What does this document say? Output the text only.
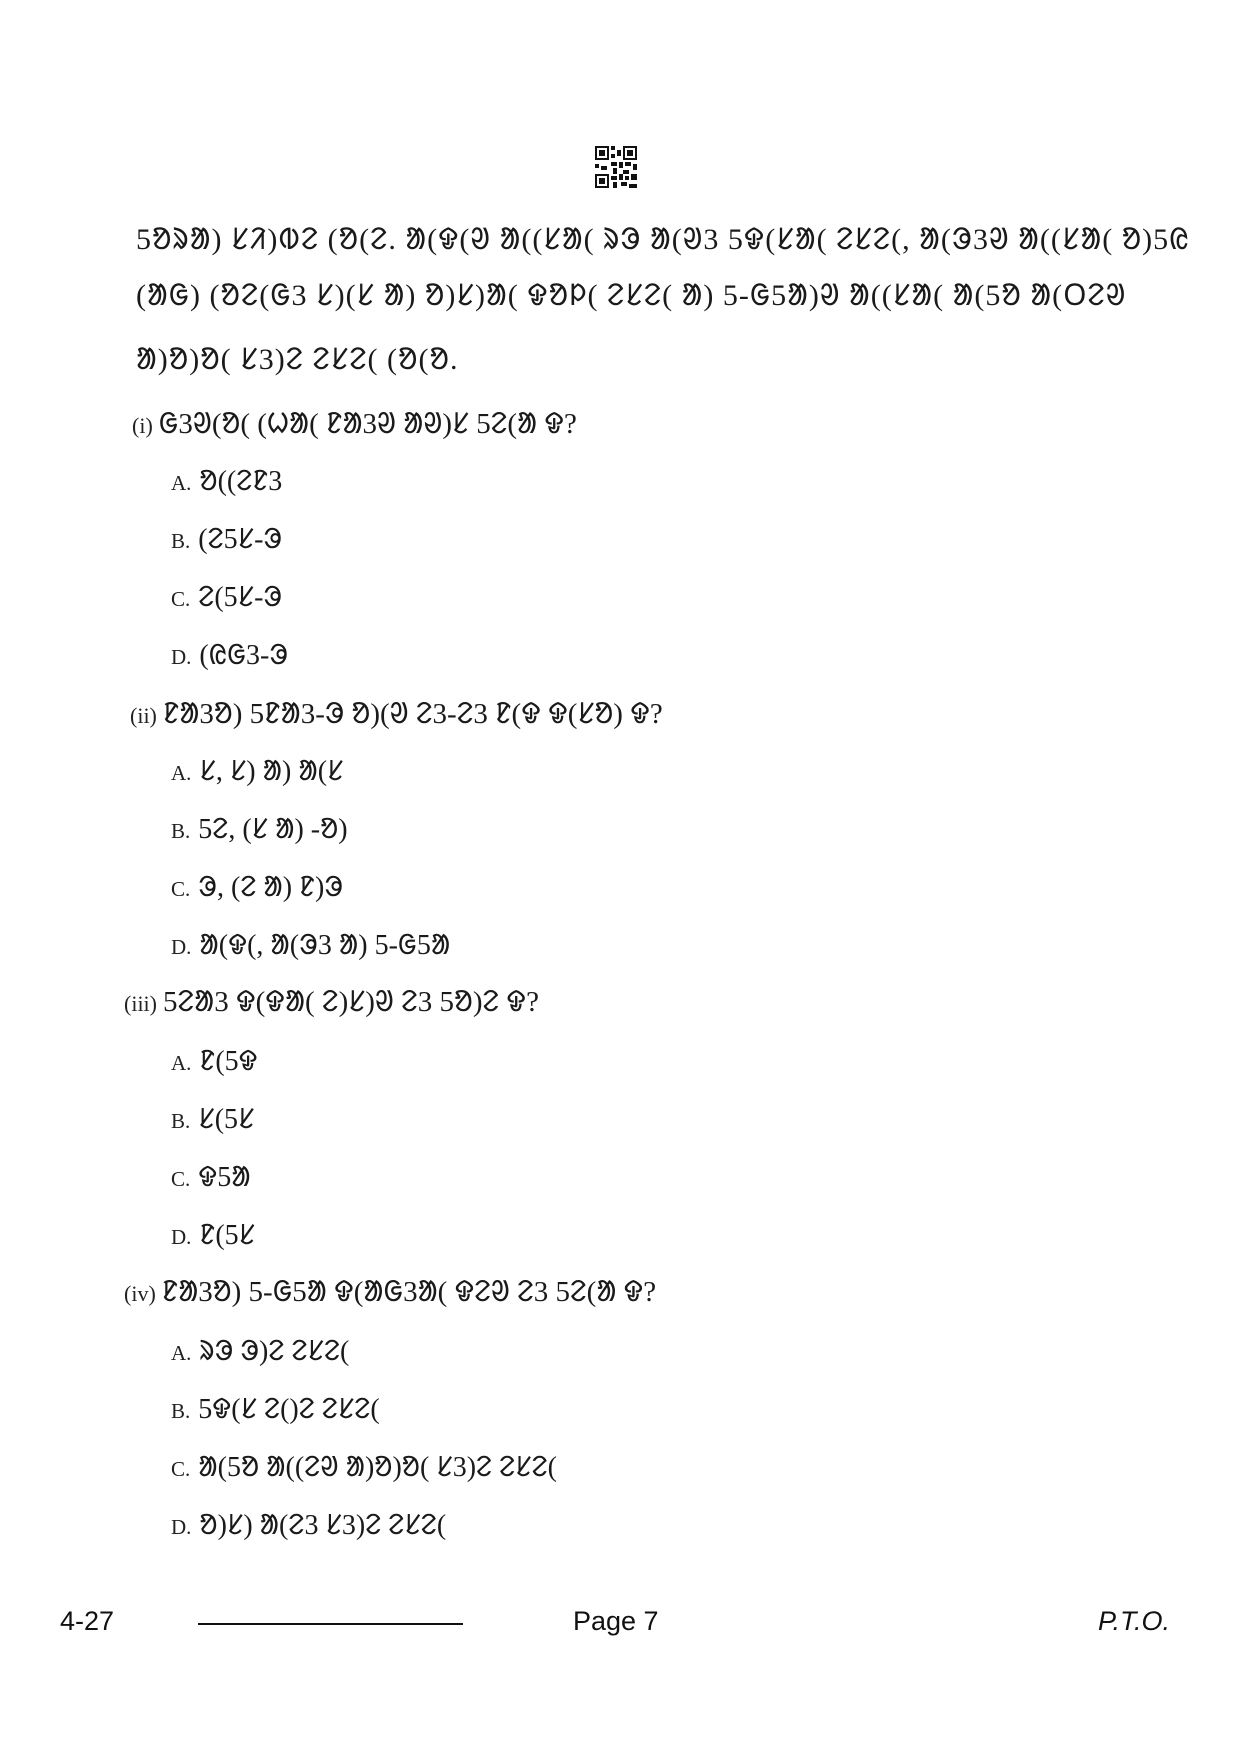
5ᱚᱨᱟ) ᱥᱤ)ᱵᱮ (ᱚ(ᱮ. ᱟ(ᱫ(ᱣ ᱟ((ᱥᱟ( ᱨᱳ ᱟ(ᱣ3 5ᱫ(ᱥᱟ( ᱮᱥᱮ(, ᱟ(ᱳ3ᱣ ᱟ((ᱥᱟ( ᱚ)5ᱭ
(ᱟᱜ) (ᱚᱮ(ᱜ3 ᱥ)(ᱥ ᱟ) ᱚ)ᱥ)ᱟ( ᱫᱚᱞ( ᱮᱥᱮ( ᱟ) 5-ᱜ5ᱟ)ᱣ ᱟ((ᱥᱟ( ᱟ(5ᱚ ᱟ(ᱛᱮᱣ
ᱟ)ᱚ)ᱚ( ᱥ3)ᱮ ᱮᱥᱮ( (ᱚ(ᱚ.
(i) ᱜ3ᱣ(ᱚ( (ᱦᱟ( ᱱᱟ3ᱣ ᱟᱣ)ᱥ 5ᱮ(ᱟ ᱫ?
A. ᱚ((ᱮᱱ3
B. (ᱮ5ᱥ-ᱳ
C. ᱮ(5ᱥ-ᱳ
D. (ᱭᱜ3-ᱳ
(ii) ᱱᱟ3ᱚ) 5ᱱᱟ3-ᱳ ᱚ)(ᱣ ᱮ3-ᱮ3 ᱱ(ᱫ ᱫ(ᱥᱚ) ᱫ?
A. ᱥ, ᱥ) ᱟ) ᱟ(ᱥ
B. 5ᱮ, (ᱥ ᱟ) -ᱚ)
C. ᱳ, (ᱮ ᱟ) ᱱ)ᱳ
D. ᱟ(ᱫ(, ᱟ(ᱳ3 ᱟ) 5-ᱜ5ᱟ
(iii) 5ᱮᱟ3 ᱫ(ᱫᱟ( ᱮ)ᱥ)ᱣ ᱮ3 5ᱚ)ᱮ ᱫ?
A. ᱱ(5ᱫ
B. ᱥ(5ᱥ
C. ᱫ5ᱟ
D. ᱱ(5ᱥ
(iv) ᱱᱟ3ᱚ) 5-ᱜ5ᱟ ᱫ(ᱟᱜ3ᱟ( ᱫᱮᱣ ᱮ3 5ᱮ(ᱟ ᱫ?
A. ᱨᱳ ᱳ)ᱮ ᱮᱥᱮ(
B. 5ᱫ(ᱥ ᱮ()ᱮ ᱮᱥᱮ(
C. ᱟ(5ᱚ ᱟ((ᱮᱣ ᱟ)ᱚ)ᱚ( ᱥ3)ᱮ ᱮᱥᱮ(
D. ᱚ)ᱥ) ᱟ(ᱮ3 ᱥ3)ᱮ ᱮᱥᱮ(
4-27	Page 7	P.T.O.
